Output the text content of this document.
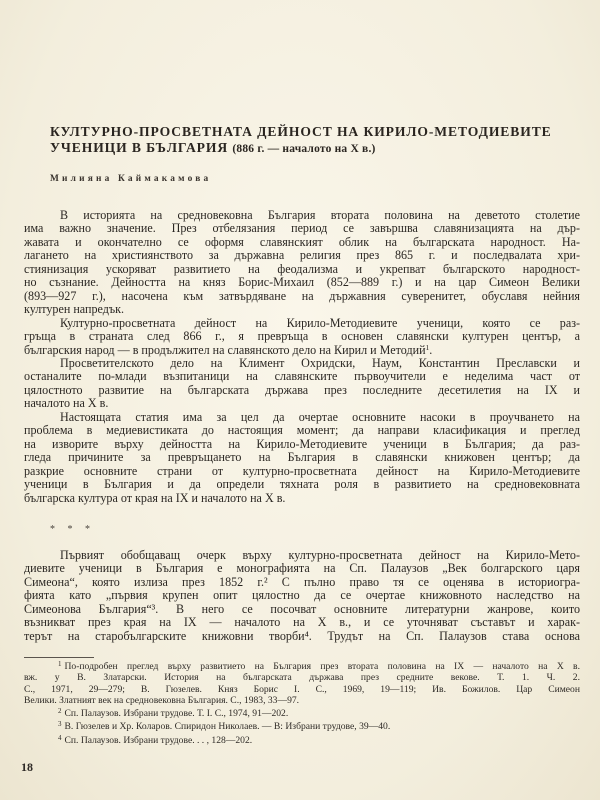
КУЛТУРНО-ПРОСВЕТНАТА ДЕЙНОСТ НА КИРИЛО-МЕТОДИЕВИТЕ
УЧЕНИЦИ В БЪЛГАРИЯ (886 г. — началото на X в.)
Милияна Каймакамова
В историята на средновековна България втората половина на деветото столетие
има важно значение. През отбелязания период се завършва славянизацията на дър-
жавата и окончателно се оформя славянският облик на българската народност. На-
лагането на християнството за държавна религия през 865 г. и последвалата хри-
стиянизация ускоряват развитието на феодализма и укрепват българското народност-
но съзнание. Дейността на княз Борис-Михаил (852—889 г.) и на цар Симеон Велики
(893—927 г.), насочена към затвърдяване на държавния суверенитет, обуславя нейния
културен напредък.
Културно-просветната дейност на Кирило-Методиевите ученици, която се раз-
гръща в страната след 866 г., я превръща в основен славянски културен център, а
българския народ — в продължител на славянското дело на Кирил и Методий$^1$.
Просветителското дело на Климент Охридски, Наум, Константин Преславски и
останалите по-млади възпитаници на славянските първоучители е неделима част от
цялостното развитие на българската държава през последните десетилетия на IX и
началото на X в.
Настоящата статия има за цел да очертае основните насоки в проучването на
проблема в медиевистиката до настоящия момент; да направи класификация и преглед
на изворите върху дейността на Кирило-Методиевите ученици в България; да раз-
гледа причините за превръщането на България в славянски книжовен център; да
разкрие основните страни от културно-просветната дейност на Кирило-Методиевите
ученици в България и да определи тяхната роля в развитието на средновековната
българска култура от края на IX и началото на X в.
* * *
Първият обобщаващ очерк върху културно-просветната дейност на Кирило-Мето-
диевите ученици в България е монографията на Сп. Палаузов „Век болгарского царя
Симеона“, която излиза през 1852 г.² С пълно право тя се оценява в историогра-
фията като „първия крупен опит цялостно да се очертае книжовното наследство на
Симеонова България“³. В него се посочват основните литературни жанрове, които
възникват през края на IX — началото на X в., и се уточняват съставът и харак-
терът на старобългарските книжовни творби⁴. Трудът на Сп. Палаузов става основа
$^1$ По-подробен преглед върху развитието на България през втората половина на IX — началото на X в.
вж. у В. Златарски. История на българската държава през средните векове. Т. 1. Ч. 2.
С., 1971, 29—279; В. Гюзелев. Княз Борис I. С., 1969, 19—119; Ив. Божилов. Цар Симеон
Велики. Златният век на средновековна България. С., 1983, 33—97.
$^2$ Сп. Палаузов. Избрани трудове. Т. I. С., 1974, 91—202.
$^3$ В. Гюзелев и Хр. Коларов. Спиридон Николаев. — В: Избрани трудове, 39—40.
$^4$ Сп. Палаузов. Избрани трудове. . . , 128—202.
18
